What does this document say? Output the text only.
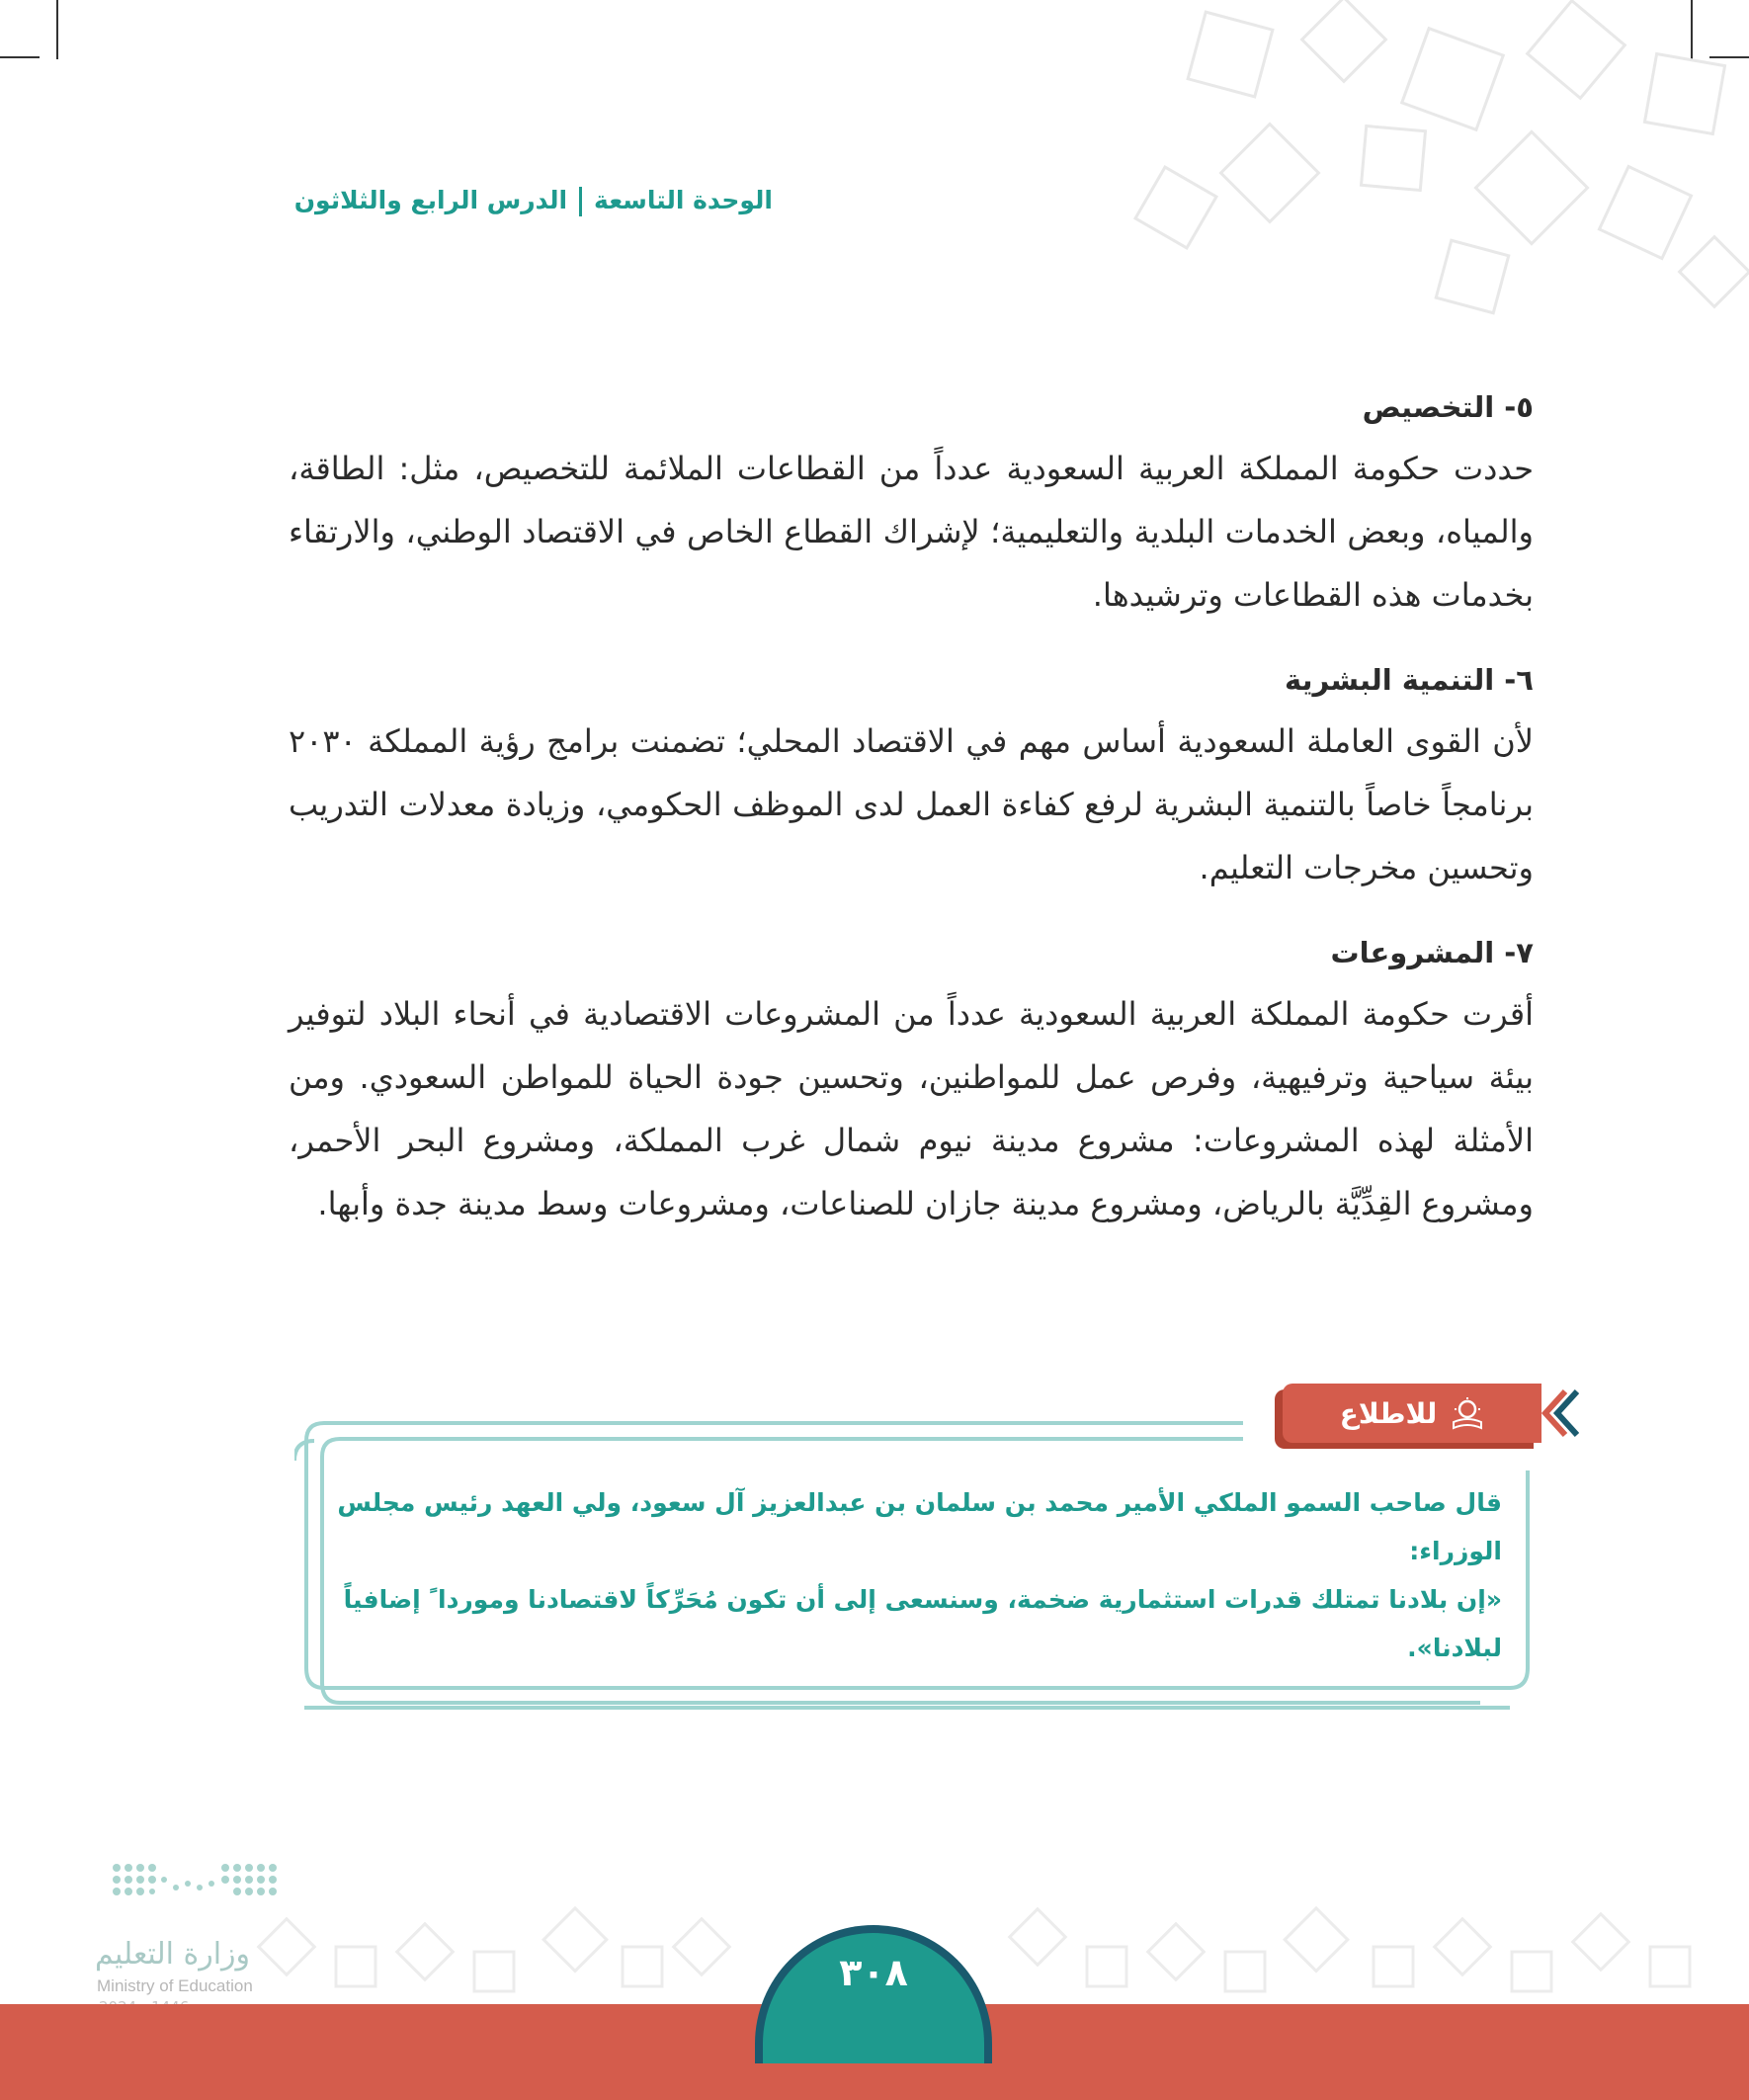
الوحدة التاسعةالدرس الرابع والثلاثون
٥- التخصيص

حددت حكومة المملكة العربية السعودية عدداً من القطاعات الملائمة للتخصيص، مثل: الطاقة، والمياه، وبعض الخدمات البلدية والتعليمية؛ لإشراك القطاع الخاص في الاقتصاد الوطني، والارتقاء بخدمات هذه القطاعات وترشيدها.

٦- التنمية البشرية

لأن القوى العاملة السعودية أساس مهم في الاقتصاد المحلي؛ تضمنت برامج رؤية المملكة ٢٠٣٠ برنامجاً خاصاً بالتنمية البشرية لرفع كفاءة العمل لدى الموظف الحكومي، وزيادة معدلات التدريب وتحسين مخرجات التعليم.

٧- المشروعات

أقرت حكومة المملكة العربية السعودية عدداً من المشروعات الاقتصادية في أنحاء البلاد لتوفير بيئة سياحية وترفيهية، وفرص عمل للمواطنين، وتحسين جودة الحياة للمواطن السعودي. ومن الأمثلة لهذه المشروعات: مشروع مدينة نيوم شمال غرب المملكة، ومشروع البحر الأحمر، ومشروع القِدِّيَّة بالرياض، ومشروع مدينة جازان للصناعات، ومشروعات وسط مدينة جدة وأبها.

للاطلاع
قال صاحب السمو الملكي الأمير محمد بن سلمان بن عبدالعزيز آل سعود، ولي العهد رئيس مجلس الوزراء:
«إن بلادنا تمتلك قدرات استثمارية ضخمة، وسنسعى إلى أن تكون مُحَرِّكاً لاقتصادنا وموردا ً إضافياً لبلادنا».
وزارة التعليم
Ministry of Education	٣٠٨
